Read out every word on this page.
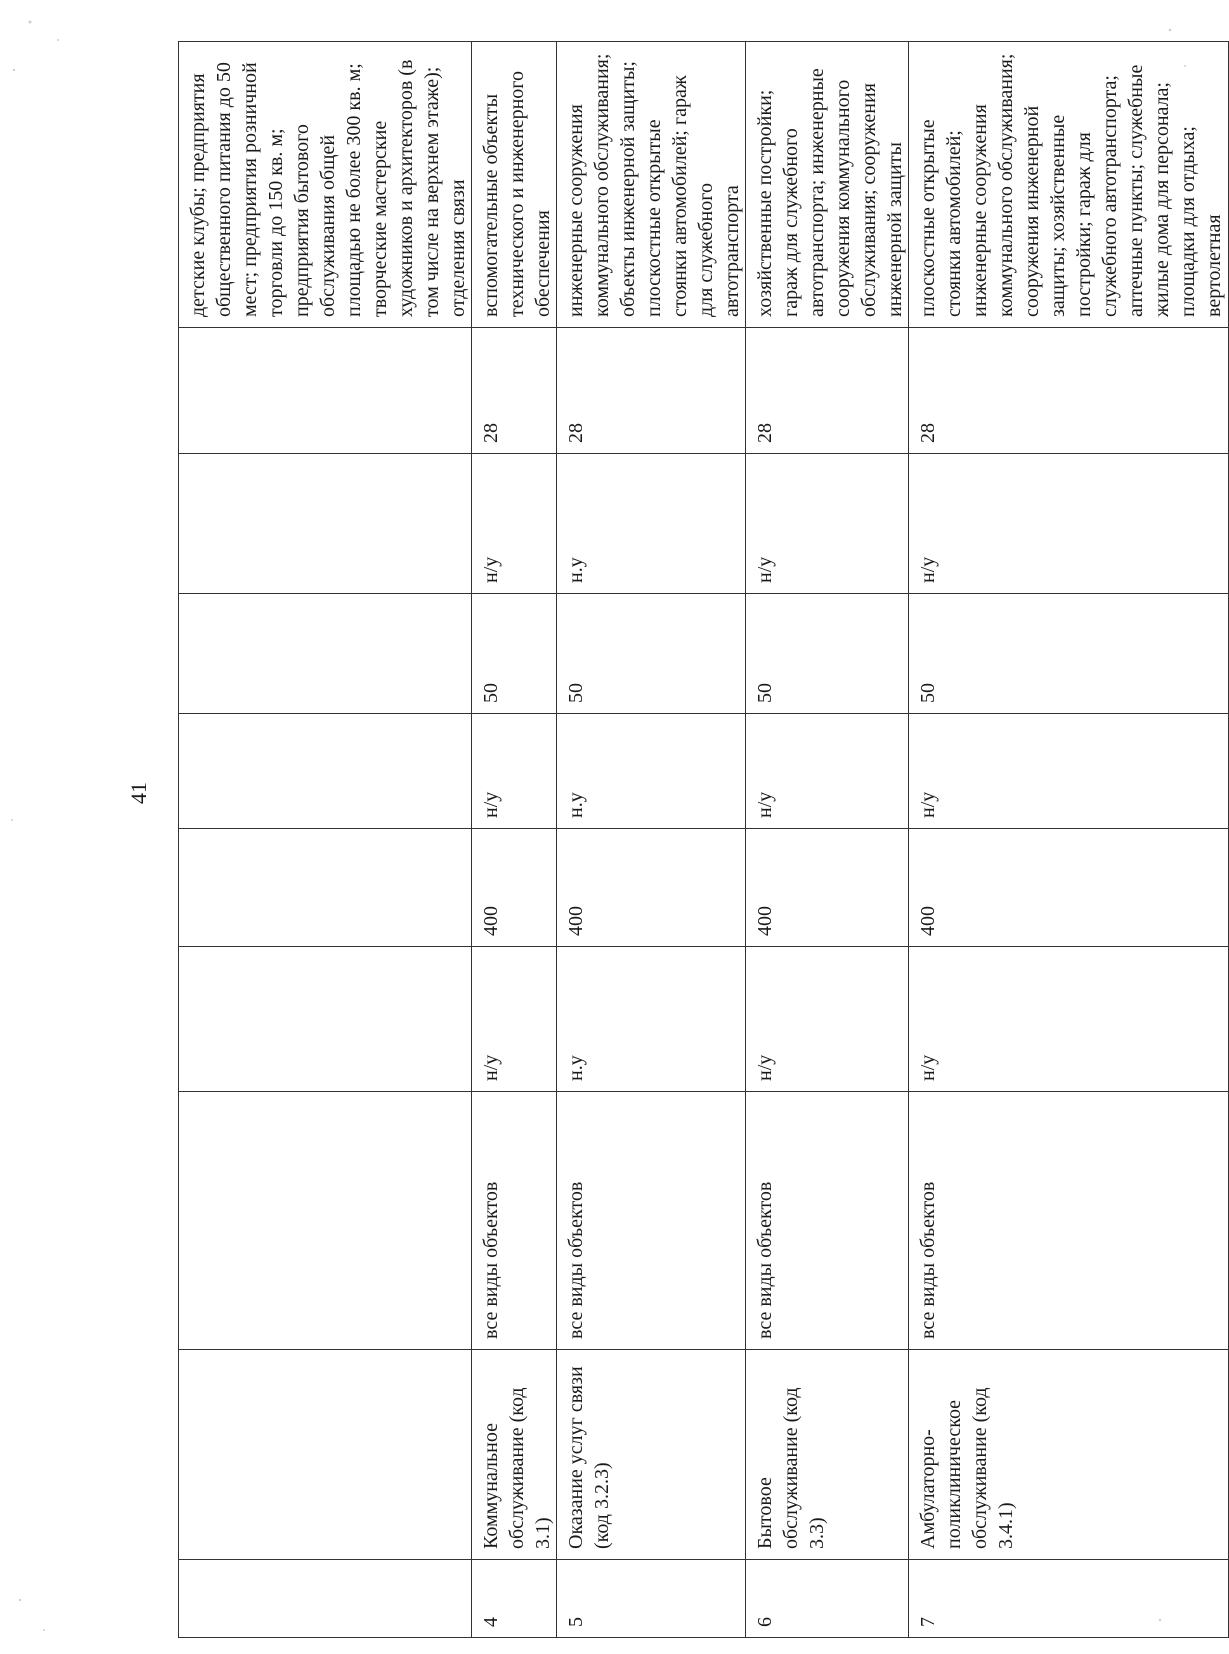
41
									детские клубы; предприятия общественного питания до 50 мест; предприятия розничной торговли до 150 кв. м; предприятия бытового обслуживания общей площадью не более 300 кв. м; творческие мастерские художников и архитекторов (в том числе на верхнем этаже); отделения связи
4	Коммунальное обслуживание (код 3.1)	все виды объектов	н/у	400	н/у	50	н/у	28	вспомогательные объекты технического и инженерного обеспечения
5	Оказание услуг связи (код 3.2.3)	все виды объектов	н.у	400	н.у	50	н.у	28	инженерные сооружения коммунального обслуживания; объекты инженерной защиты; плоскостные открытые стоянки автомобилей; гараж для служебного автотранспорта
6	Бытовое обслуживание (код 3.3)	все виды объектов	н/у	400	н/у	50	н/у	28	хозяйственные постройки; гараж для служебного автотранспорта; инженерные сооружения коммунального обслуживания; сооружения инженерной защиты
7	Амбулаторно-поликлиническое обслуживание (код 3.4.1)	все виды объектов	н/у	400	н/у	50	н/у	28	плоскостные открытые стоянки автомобилей; инженерные сооружения коммунального обслуживания; сооружения инженерной защиты; хозяйственные постройки; гараж для служебного автотранспорта; аптечные пункты; служебные жилые дома для персонала; площадки для отдыха; вертолетная
